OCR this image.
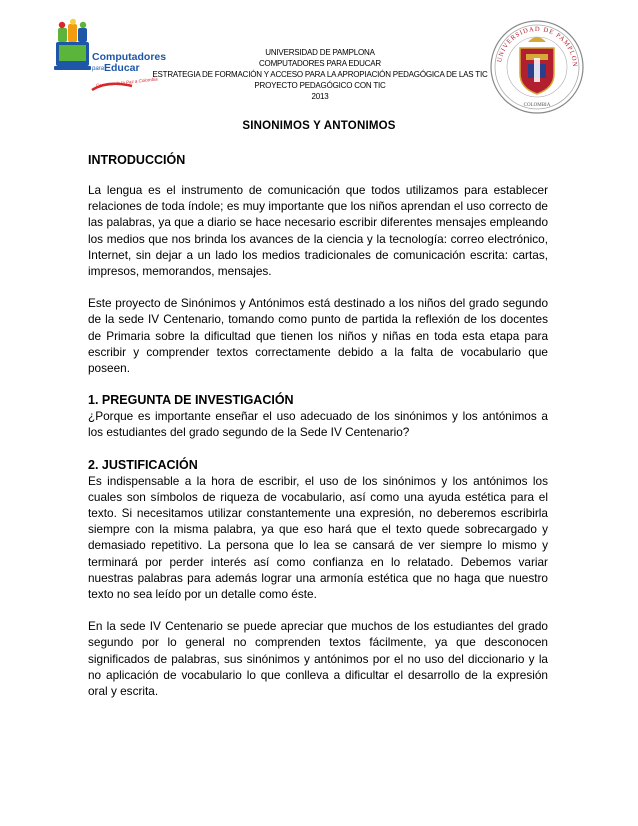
Computadores
para Educar
Conectando la Paz a Colombia
UNIVERSIDAD DE PAMPLONA
COMPUTADORES PARA EDUCAR
ESTRATEGIA DE FORMACIÓN Y ACCESO PARA LA APROPIACIÓN PEDAGÓGICA DE LAS TIC
PROYECTO PEDAGÓGICO CON TIC
2013
UNIVERSIDAD DE PAMPLON
COLOMBIA
SINONIMOS Y ANTONIMOS
INTRODUCCIÓN

La lengua es el instrumento de comunicación que todos utilizamos para establecer relaciones de toda índole; es muy importante que los niños aprendan el uso correcto de las palabras, ya que a diario se hace necesario escribir diferentes mensajes empleando los medios que nos brinda los avances de la ciencia y la tecnología: correo electrónico, Internet, sin dejar a un lado los medios tradicionales de comunicación escrita: cartas, impresos, memorandos, mensajes.

Este proyecto de Sinónimos y Antónimos está destinado a los niños del grado segundo de la sede IV Centenario, tomando como punto de partida la reflexión de los docentes de Primaria sobre la dificultad que tienen los niños y niñas en toda esta etapa para escribir y comprender textos correctamente debido a la falta de vocabulario que poseen.

1. PREGUNTA DE INVESTIGACIÓN

¿Porque es importante enseñar el uso adecuado de los sinónimos y los antónimos a los estudiantes del grado segundo de la Sede IV Centenario?

2. JUSTIFICACIÓN

Es indispensable a la hora de escribir, el uso de los sinónimos y los antónimos los cuales son símbolos de riqueza de vocabulario, así como una ayuda estética para el texto. Si necesitamos utilizar constantemente una expresión, no deberemos escribirla siempre con la misma palabra, ya que eso hará que el texto quede sobrecargado y demasiado repetitivo. La persona que lo lea se cansará de ver siempre lo mismo y terminará por perder interés así como confianza en lo relatado. Debemos variar nuestras palabras para además lograr una armonía estética que no haga que nuestro texto no sea leído por un detalle como éste.

En la sede IV Centenario se puede apreciar que muchos de los estudiantes del grado segundo por lo general no comprenden textos fácilmente, ya que desconocen significados de palabras, sus sinónimos y antónimos por el no uso del diccionario y la no aplicación de vocabulario lo que conlleva a dificultar el desarrollo de la expresión oral y escrita.
